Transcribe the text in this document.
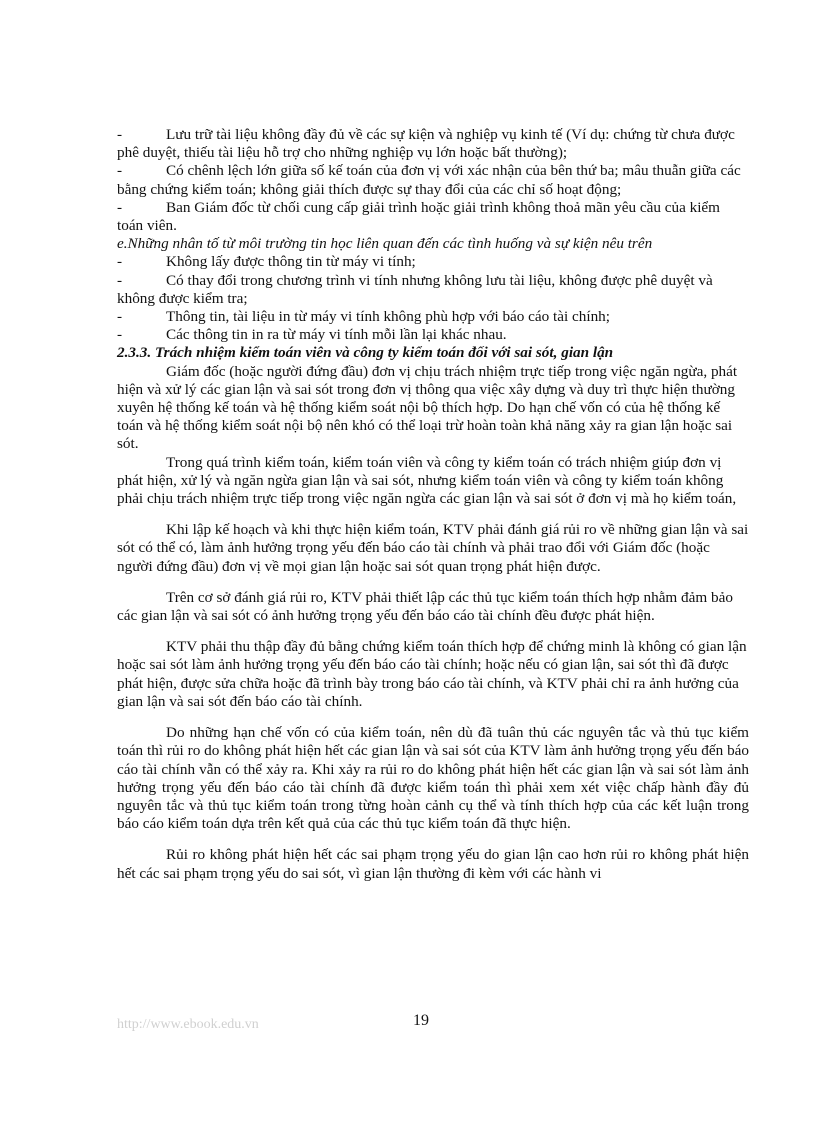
-	Lưu trữ tài liệu không đầy đủ về các sự kiện và nghiệp vụ kinh tế (Ví dụ: chứng từ chưa được phê duyệt, thiếu tài liệu hỗ trợ cho những nghiệp vụ lớn hoặc bất thường);
-	Có chênh lệch lớn giữa số kế toán của đơn vị với xác nhận của bên thứ ba; mâu thuẫn giữa các bằng chứng kiểm toán; không giải thích được sự thay đổi của các chỉ số hoạt động;
-	Ban Giám đốc từ chối cung cấp giải trình hoặc giải trình không thoả mãn yêu cầu của kiểm toán viên.

e.Những nhân tố từ môi trường tin học liên quan đến các tình huống và sự kiện nêu trên

-	Không lấy được thông tin từ máy vi tính;
-	Có thay đổi trong chương trình vi tính nhưng không lưu tài liệu, không được phê duyệt và không được kiểm tra;
-	Thông tin, tài liệu in từ máy vi tính không phù hợp với báo cáo tài chính;
-	Các thông tin in ra từ máy vi tính mỗi lần lại khác nhau.

2.3.3. Trách nhiệm kiểm toán viên và công ty kiểm toán đối với sai sót, gian lận

Giám đốc (hoặc người đứng đầu) đơn vị chịu trách nhiệm trực tiếp trong việc ngăn ngừa, phát hiện và xử lý các gian lận và sai sót trong đơn vị thông qua việc xây dựng và duy trì thực hiện thường xuyên hệ thống kế toán và hệ thống kiểm soát nội bộ thích hợp. Do hạn chế vốn có của hệ thống kế toán và hệ thống kiểm soát nội bộ nên khó có thể loại trừ hoàn toàn khả năng xảy ra gian lận hoặc sai sót.

Trong quá trình kiểm toán, kiểm toán viên và công ty kiểm toán có trách nhiệm giúp đơn vị phát hiện, xử lý và ngăn ngừa gian lận và sai sót, nhưng kiểm toán viên và công ty kiểm toán không phải chịu trách nhiệm trực tiếp trong việc ngăn ngừa các gian lận và sai sót ở đơn vị mà họ kiểm toán,

Khi lập kế hoạch và khi thực hiện kiểm toán, KTV phải đánh giá rủi ro về những gian lận và sai sót có thể có, làm ảnh hưởng trọng yếu đến báo cáo tài chính và phải trao đổi với Giám đốc (hoặc người đứng đầu) đơn vị về mọi gian lận hoặc sai sót quan trọng phát hiện được.

Trên cơ sở đánh giá rủi ro, KTV phải thiết lập các thủ tục kiểm toán thích hợp nhằm đảm bảo các gian lận và sai sót có ảnh hưởng trọng yếu đến báo cáo tài chính đều được phát hiện.

KTV phải thu thập đầy đủ bằng chứng kiểm toán thích hợp để chứng minh là không có gian lận hoặc sai sót làm ảnh hưởng trọng yếu đến báo cáo tài chính; hoặc nếu có gian lận, sai sót thì đã được phát hiện, được sửa chữa hoặc đã trình bày trong báo cáo tài chính, và KTV phải chỉ ra ảnh hưởng của gian lận và sai sót đến báo cáo tài chính.

Do những hạn chế vốn có của kiểm toán, nên dù đã tuân thủ các nguyên tắc và thủ tục kiểm toán thì rủi ro do không phát hiện hết các gian lận và sai sót của KTV làm ảnh hưởng trọng yếu đến báo cáo tài chính vẫn có thể xảy ra. Khi xảy ra rủi ro do không phát hiện hết các gian lận và sai sót làm ảnh hưởng trọng yếu đến báo cáo tài chính đã được kiểm toán thì phải xem xét việc chấp hành đầy đủ nguyên tắc và thủ tục kiểm toán trong từng hoàn cảnh cụ thể và tính thích hợp của các kết luận trong báo cáo kiểm toán dựa trên kết quả của các thủ tục kiểm toán đã thực hiện.

Rủi ro không phát hiện hết các sai phạm trọng yếu do gian lận cao hơn rủi ro không phát hiện hết các sai phạm trọng yếu do sai sót, vì gian lận thường đi kèm với các hành vi

http://www.ebook.edu.vn	19
